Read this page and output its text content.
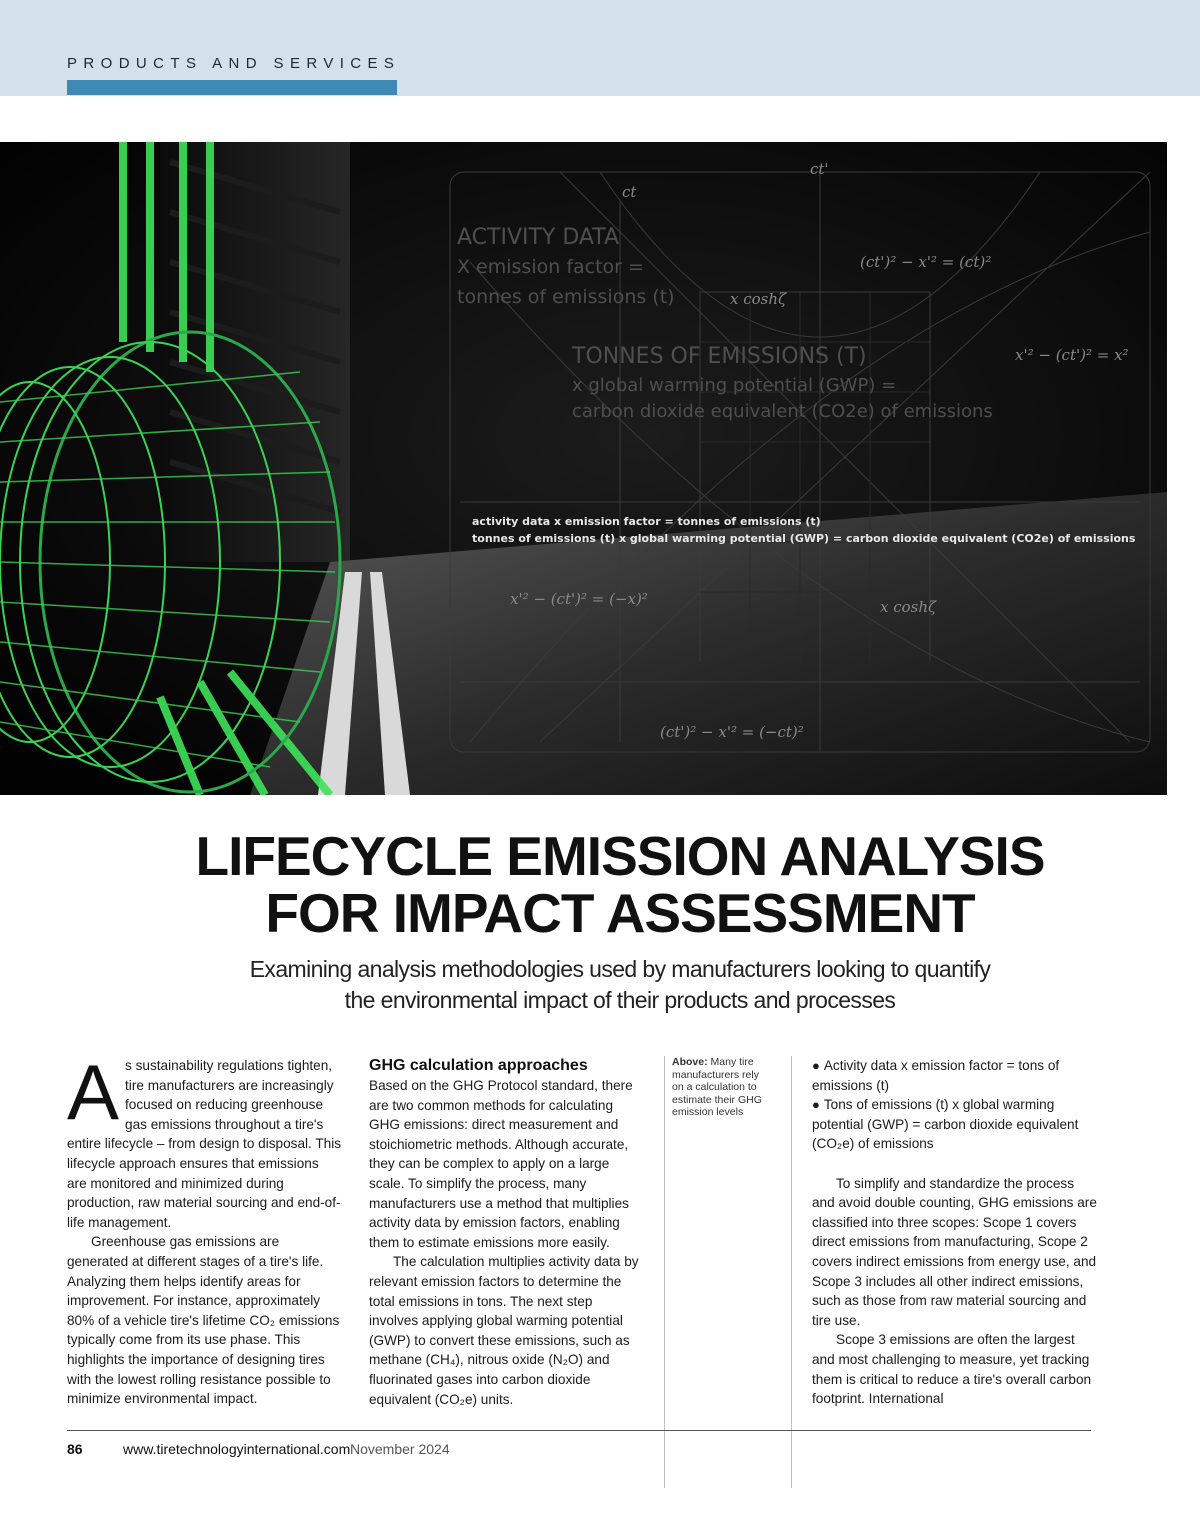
PRODUCTS AND SERVICES
ct
ct'
(ct')² − x'² = (ct)²
x coshζ
x'² − (ct')² = x²
x'² − (ct')² = (−x)²	x coshζ
(ct')² − x'² = (−ct)²
ACTIVITY DATA
X emission factor =
tonnes of emissions (t)
TONNES OF EMISSIONS (T)
x global warming potential (GWP) =
carbon dioxide equivalent (CO2e) of emissions
activity data x emission factor = tonnes of emissions (t)
tonnes of emissions (t) x global warming potential (GWP) = carbon dioxide equivalent (CO2e) of emissions
LIFECYCLE EMISSION ANALYSIS
FOR IMPACT ASSESSMENT
Examining analysis methodologies used by manufacturers looking to quantify
the environmental impact of their products and processes
A s sustainability regulations tighten, tire manufacturers are increasingly focused on reducing greenhouse gas emissions throughout a tire's entire lifecycle – from design to disposal. This lifecycle approach ensures that emissions are monitored and minimized during production, raw material sourcing and end-of-life management.

Greenhouse gas emissions are generated at different stages of a tire's life. Analyzing them helps identify areas for improvement. For instance, approximately 80% of a vehicle tire's lifetime CO₂ emissions typically come from its use phase. This highlights the importance of designing tires with the lowest rolling resistance possible to minimize environmental impact.

GHG calculation approaches

Based on the GHG Protocol standard, there are two common methods for calculating GHG emissions: direct measurement and stoichiometric methods. Although accurate, they can be complex to apply on a large scale. To simplify the process, many manufacturers use a method that multiplies activity data by emission factors, enabling them to estimate emissions more easily.

The calculation multiplies activity data by relevant emission factors to determine the total emissions in tons. The next step involves applying global warming potential (GWP) to convert these emissions, such as methane (CH₄), nitrous oxide (N₂O) and fluorinated gases into carbon dioxide equivalent (CO₂e) units.

Above: Many tire manufacturers rely on a calculation to estimate their GHG emission levels
● Activity data x emission factor = tons of emissions (t)
● Tons of emissions (t) x global warming potential (GWP) = carbon dioxide equivalent (CO₂e) of emissions

To simplify and standardize the process and avoid double counting, GHG emissions are classified into three scopes: Scope 1 covers direct emissions from manufacturing, Scope 2 covers indirect emissions from energy use, and Scope 3 includes all other indirect emissions, such as those from raw material sourcing and tire use.

Scope 3 emissions are often the largest and most challenging to measure, yet tracking them is critical to reduce a tire's overall carbon footprint. International

86	www.tiretechnologyinternational.com November 2024
